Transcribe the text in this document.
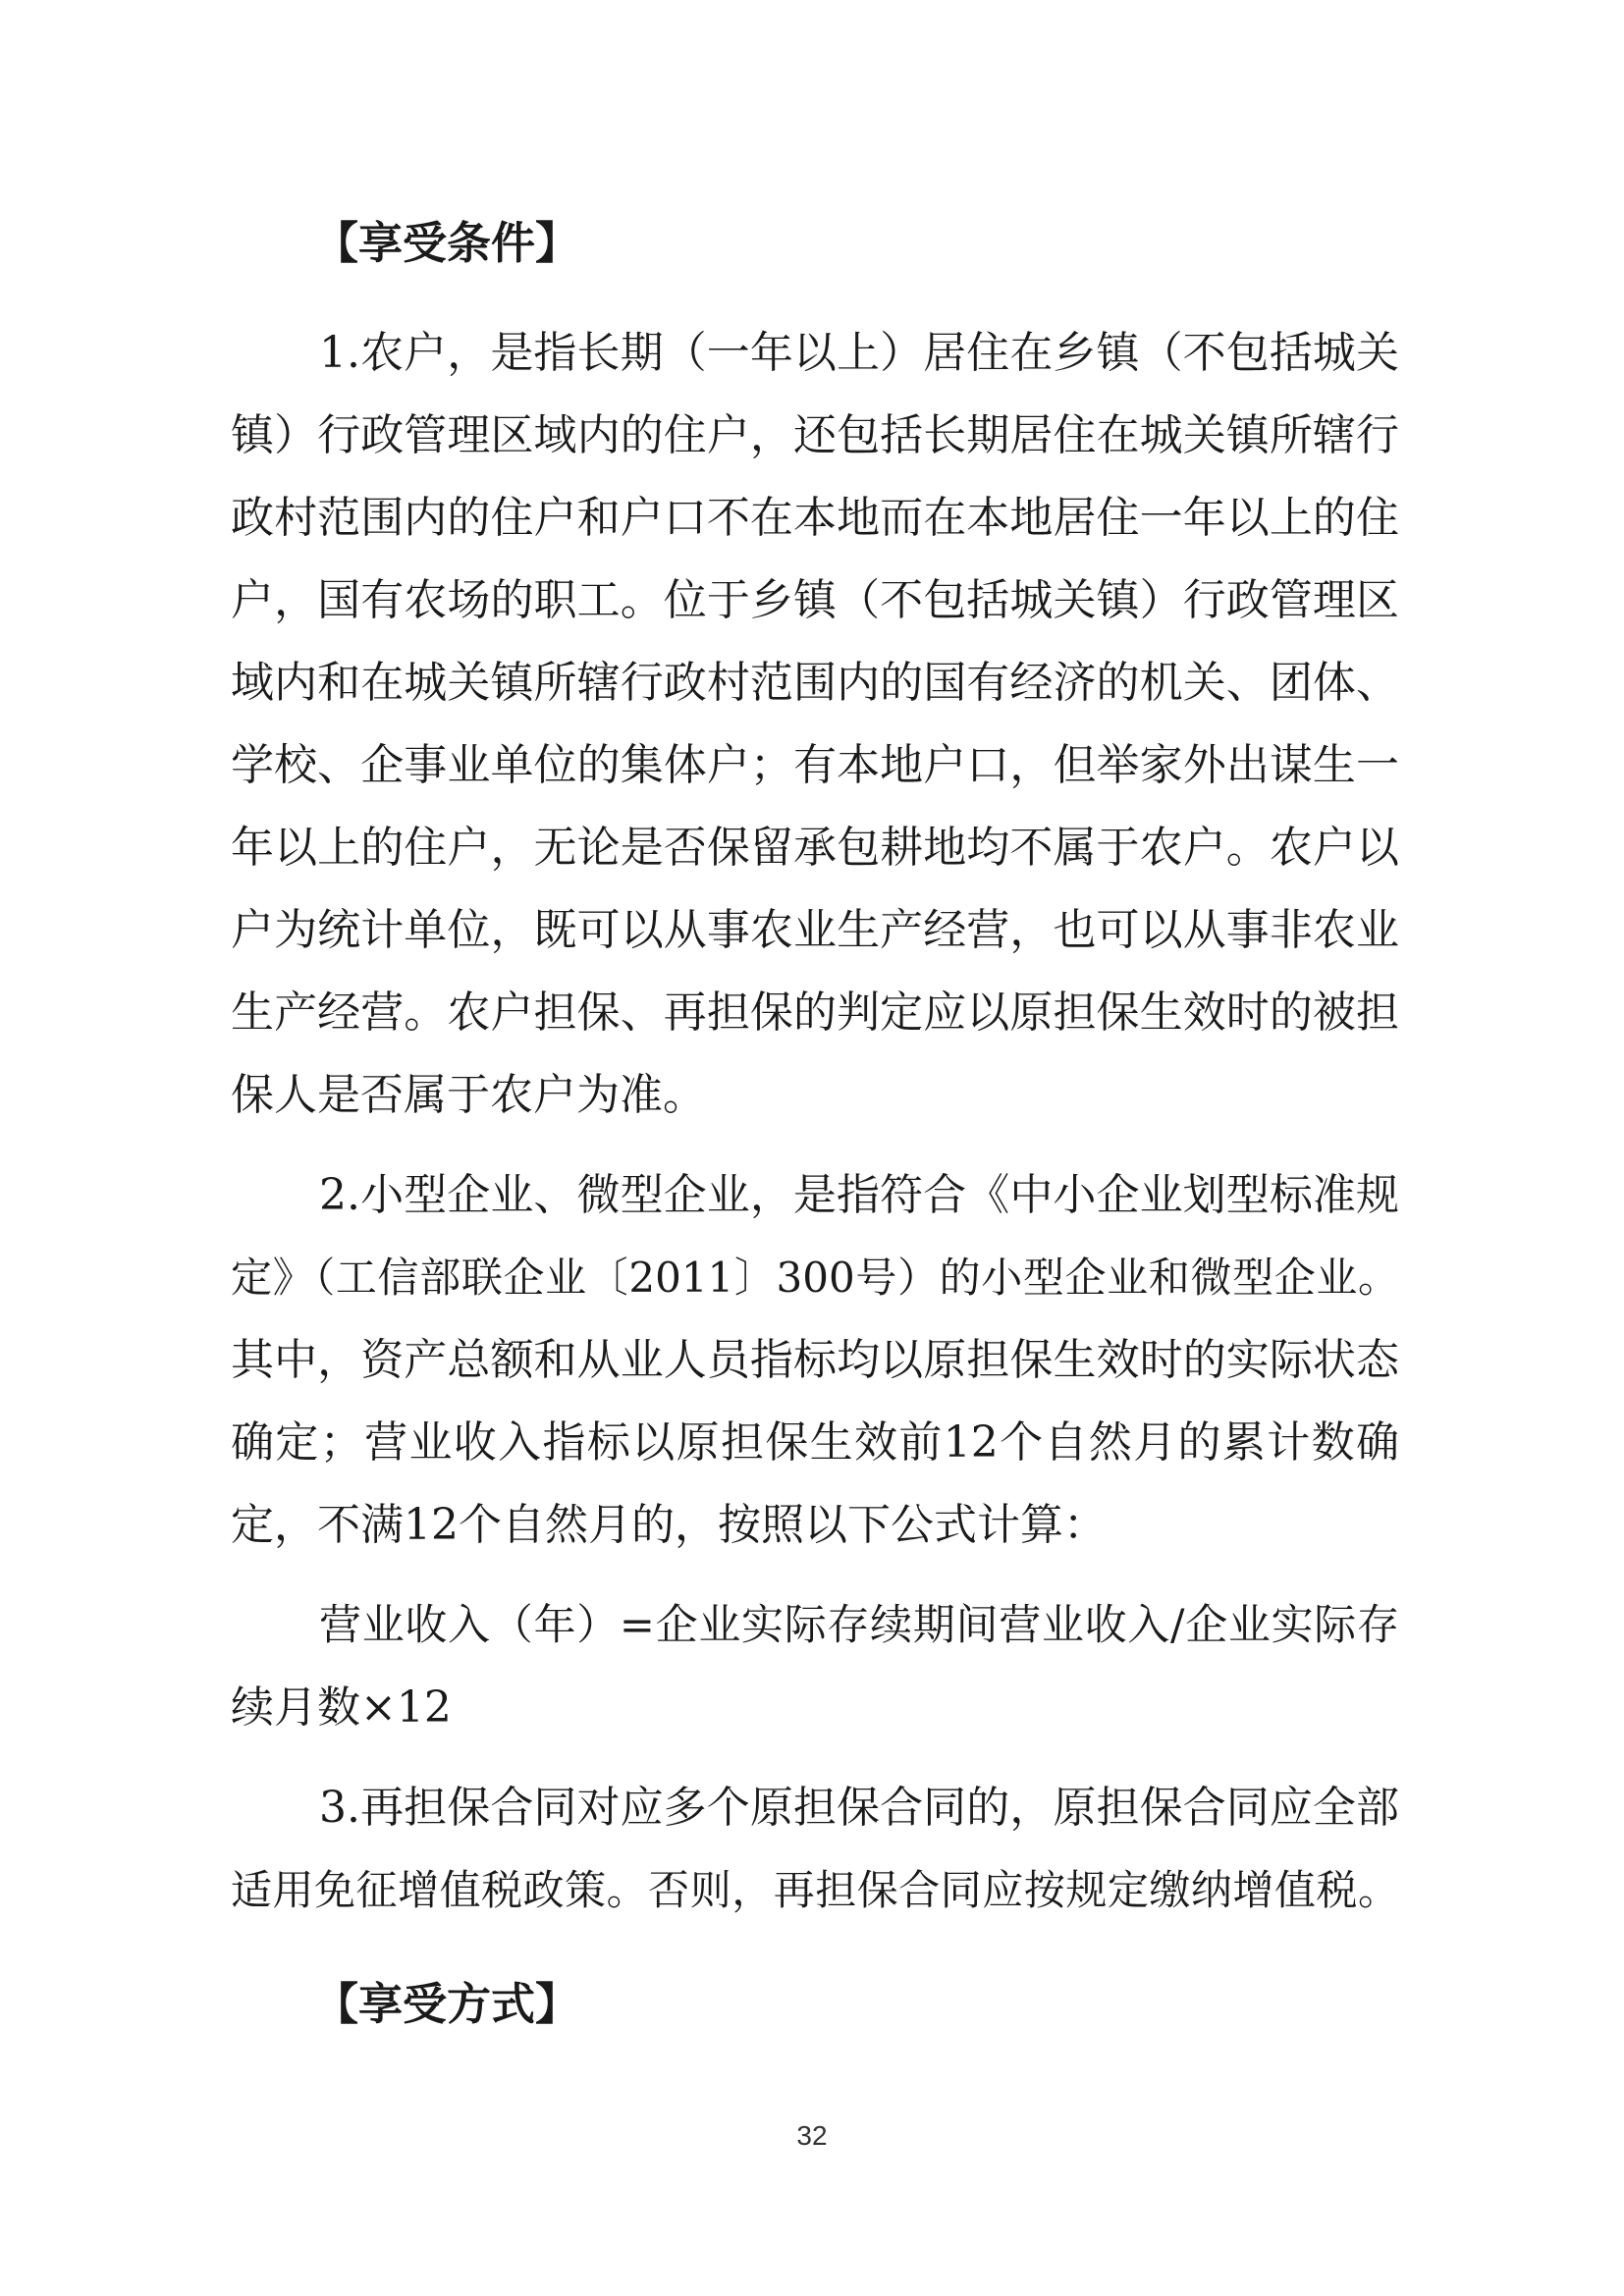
【享受条件】
1.农户，是指长期（一年以上）居住在乡镇（不包括城关
镇）行政管理区域内的住户，还包括长期居住在城关镇所辖行
政村范围内的住户和户口不在本地而在本地居住一年以上的住
户，国有农场的职工。位于乡镇（不包括城关镇）行政管理区
域内和在城关镇所辖行政村范围内的国有经济的机关、团体、
学校、企事业单位的集体户；有本地户口，但举家外出谋生一
年以上的住户，无论是否保留承包耕地均不属于农户。农户以
户为统计单位，既可以从事农业生产经营，也可以从事非农业
生产经营。农户担保、再担保的判定应以原担保生效时的被担
保人是否属于农户为准。
2.小型企业、微型企业，是指符合《中小企业划型标准规
定》（工信部联企业〔2011〕300号）的小型企业和微型企业。
其中，资产总额和从业人员指标均以原担保生效时的实际状态
确定；营业收入指标以原担保生效前12个自然月的累计数确
定，不满12个自然月的，按照以下公式计算：
营业收入（年）=企业实际存续期间营业收入/企业实际存
续月数×12
3.再担保合同对应多个原担保合同的，原担保合同应全部
适用免征增值税政策。否则，再担保合同应按规定缴纳增值税。
【享受方式】
32
